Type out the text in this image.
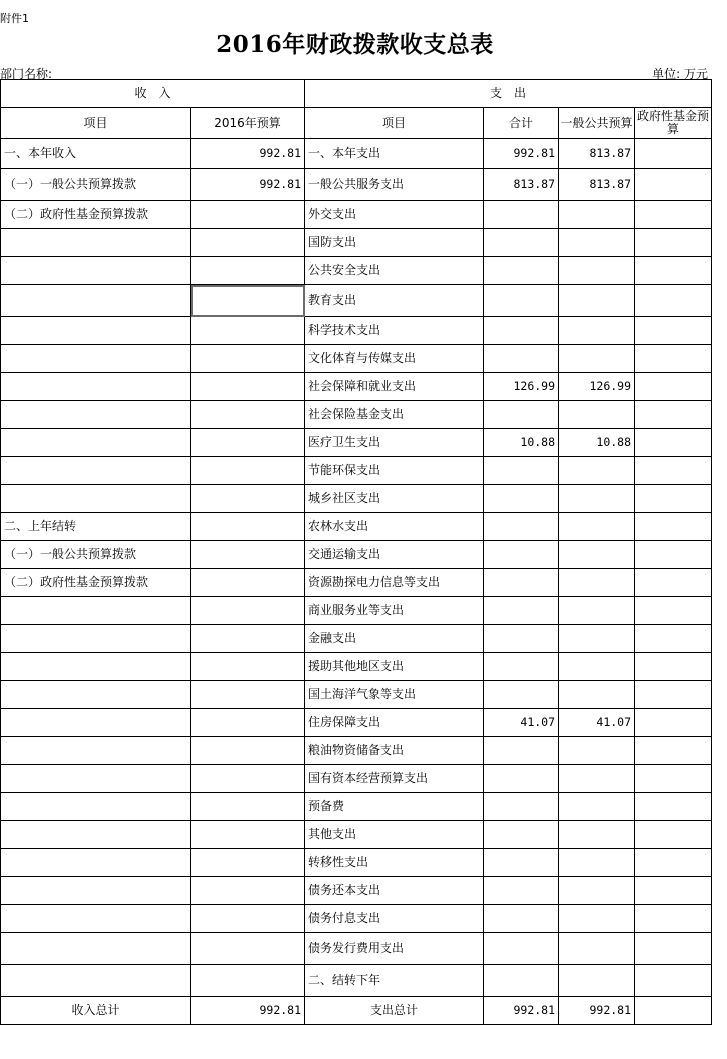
附件1
2016年财政拨款收支总表
部门名称:	单位: 万元
收　入		支　出			
项目	2016年预算	项目	合计	一般公共预算	政府性基金预算
一、本年收入	992.81	一、本年支出	992.81	813.87	
（一）一般公共预算拨款	992.81	一般公共服务支出	813.87	813.87	
（二）政府性基金预算拨款		外交支出			
		国防支出			
		公共安全支出			
		教育支出			
		科学技术支出			
		文化体育与传媒支出			
		社会保障和就业支出	126.99	126.99	
		社会保险基金支出			
		医疗卫生支出	10.88	10.88	
		节能环保支出			
		城乡社区支出			
二、上年结转		农林水支出			
（一）一般公共预算拨款		交通运输支出			
（二）政府性基金预算拨款		资源勘探电力信息等支出			
		商业服务业等支出			
		金融支出			
		援助其他地区支出			
		国土海洋气象等支出			
		住房保障支出	41.07	41.07	
		粮油物资储备支出			
		国有资本经营预算支出			
		预备费			
		其他支出			
		转移性支出			
		债务还本支出			
		债务付息支出			
		债务发行费用支出			
		二、结转下年			
收入总计	992.81	支出总计	992.81	992.81	
